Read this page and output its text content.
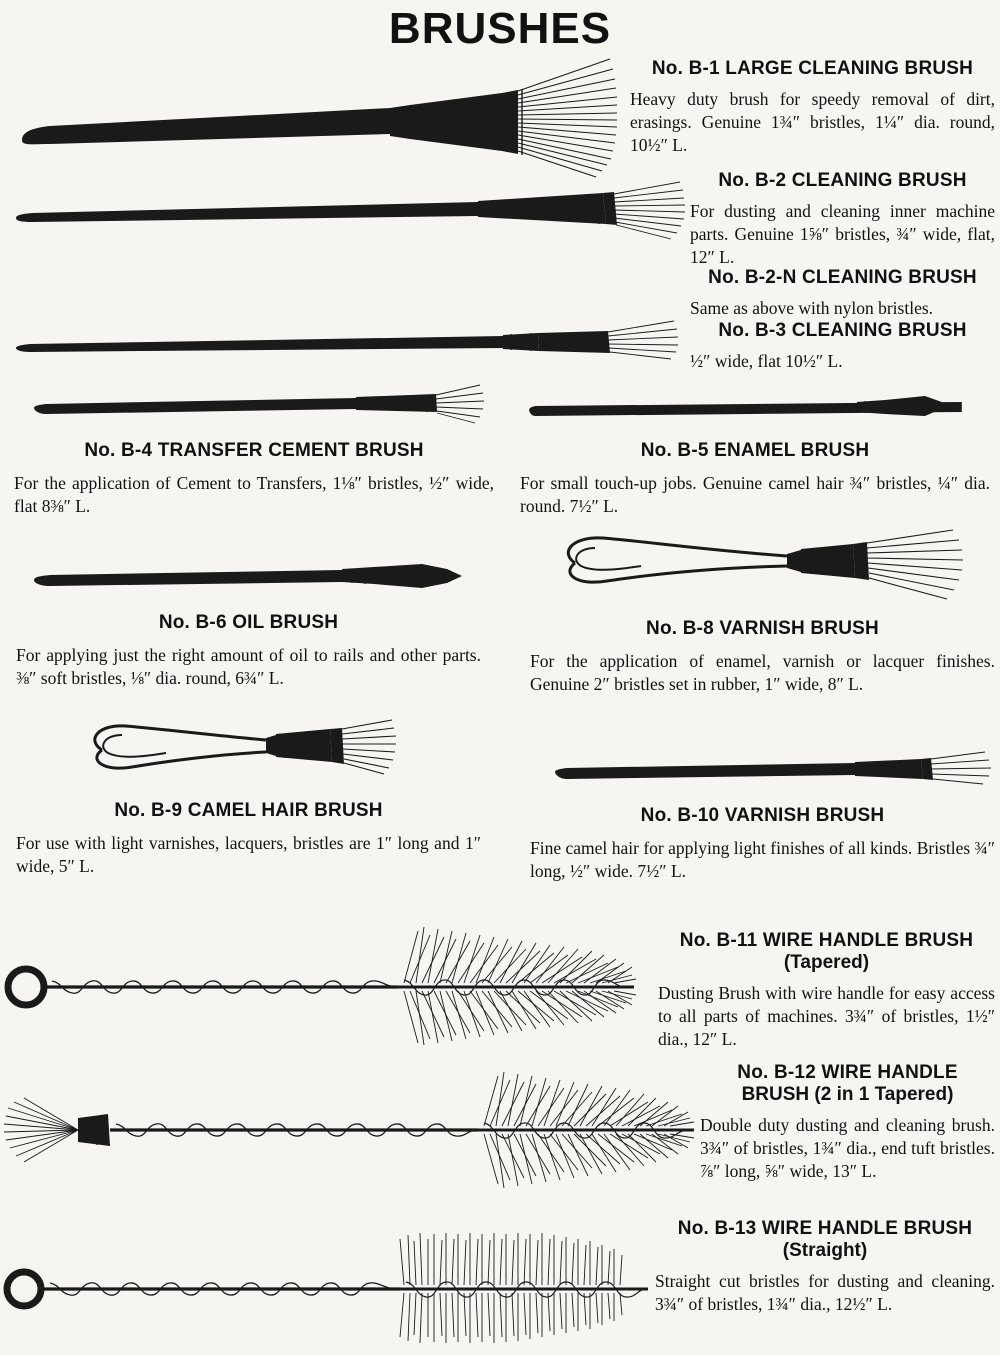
BRUSHES
No. B-1 LARGE CLEANING BRUSH
Heavy duty brush for speedy removal of dirt, erasings. Genuine 1¾″ bristles, 1¼″ dia. round, 10½″ L.
No. B-2 CLEANING BRUSH
For dusting and cleaning inner machine parts. Genuine 1⅝″ bristles, ¾″ wide, flat, 12″ L.
No. B-2-N CLEANING BRUSH
Same as above with nylon bristles.
No. B-3 CLEANING BRUSH
½″ wide, flat 10½″ L.
No. B-4 TRANSFER CEMENT BRUSH
For the application of Cement to Transfers, 1⅛″ bristles, ½″ wide, flat 8⅜″ L.
No. B-5 ENAMEL BRUSH
For small touch-up jobs. Genuine camel hair ¾″ bristles, ¼″ dia. round. 7½″ L.
No. B-6 OIL BRUSH
For applying just the right amount of oil to rails and other parts. ⅜″ soft bristles, ⅛″ dia. round, 6¾″ L.
No. B-8 VARNISH BRUSH
For the application of enamel, varnish or lacquer finishes. Genuine 2″ bristles set in rubber, 1″ wide, 8″ L.
No. B-9 CAMEL HAIR BRUSH
For use with light varnishes, lacquers, bristles are 1″ long and 1″ wide, 5″ L.
No. B-10 VARNISH BRUSH
Fine camel hair for applying light finishes of all kinds. Bristles ¾″ long, ½″ wide. 7½″ L.
No. B-11 WIRE HANDLE BRUSH
(Tapered)
Dusting Brush with wire handle for easy access to all parts of machines. 3¾″ of bristles, 1½″ dia., 12″ L.
No. B-12 WIRE HANDLE
BRUSH (2 in 1 Tapered)
Double duty dusting and cleaning brush. 3¾″ of bristles, 1¾″ dia., end tuft bristles. ⅞″ long, ⅝″ wide, 13″ L.
No. B-13 WIRE HANDLE BRUSH
(Straight)
Straight cut bristles for dusting and cleaning. 3¾″ of bristles, 1¾″ dia., 12½″ L.
